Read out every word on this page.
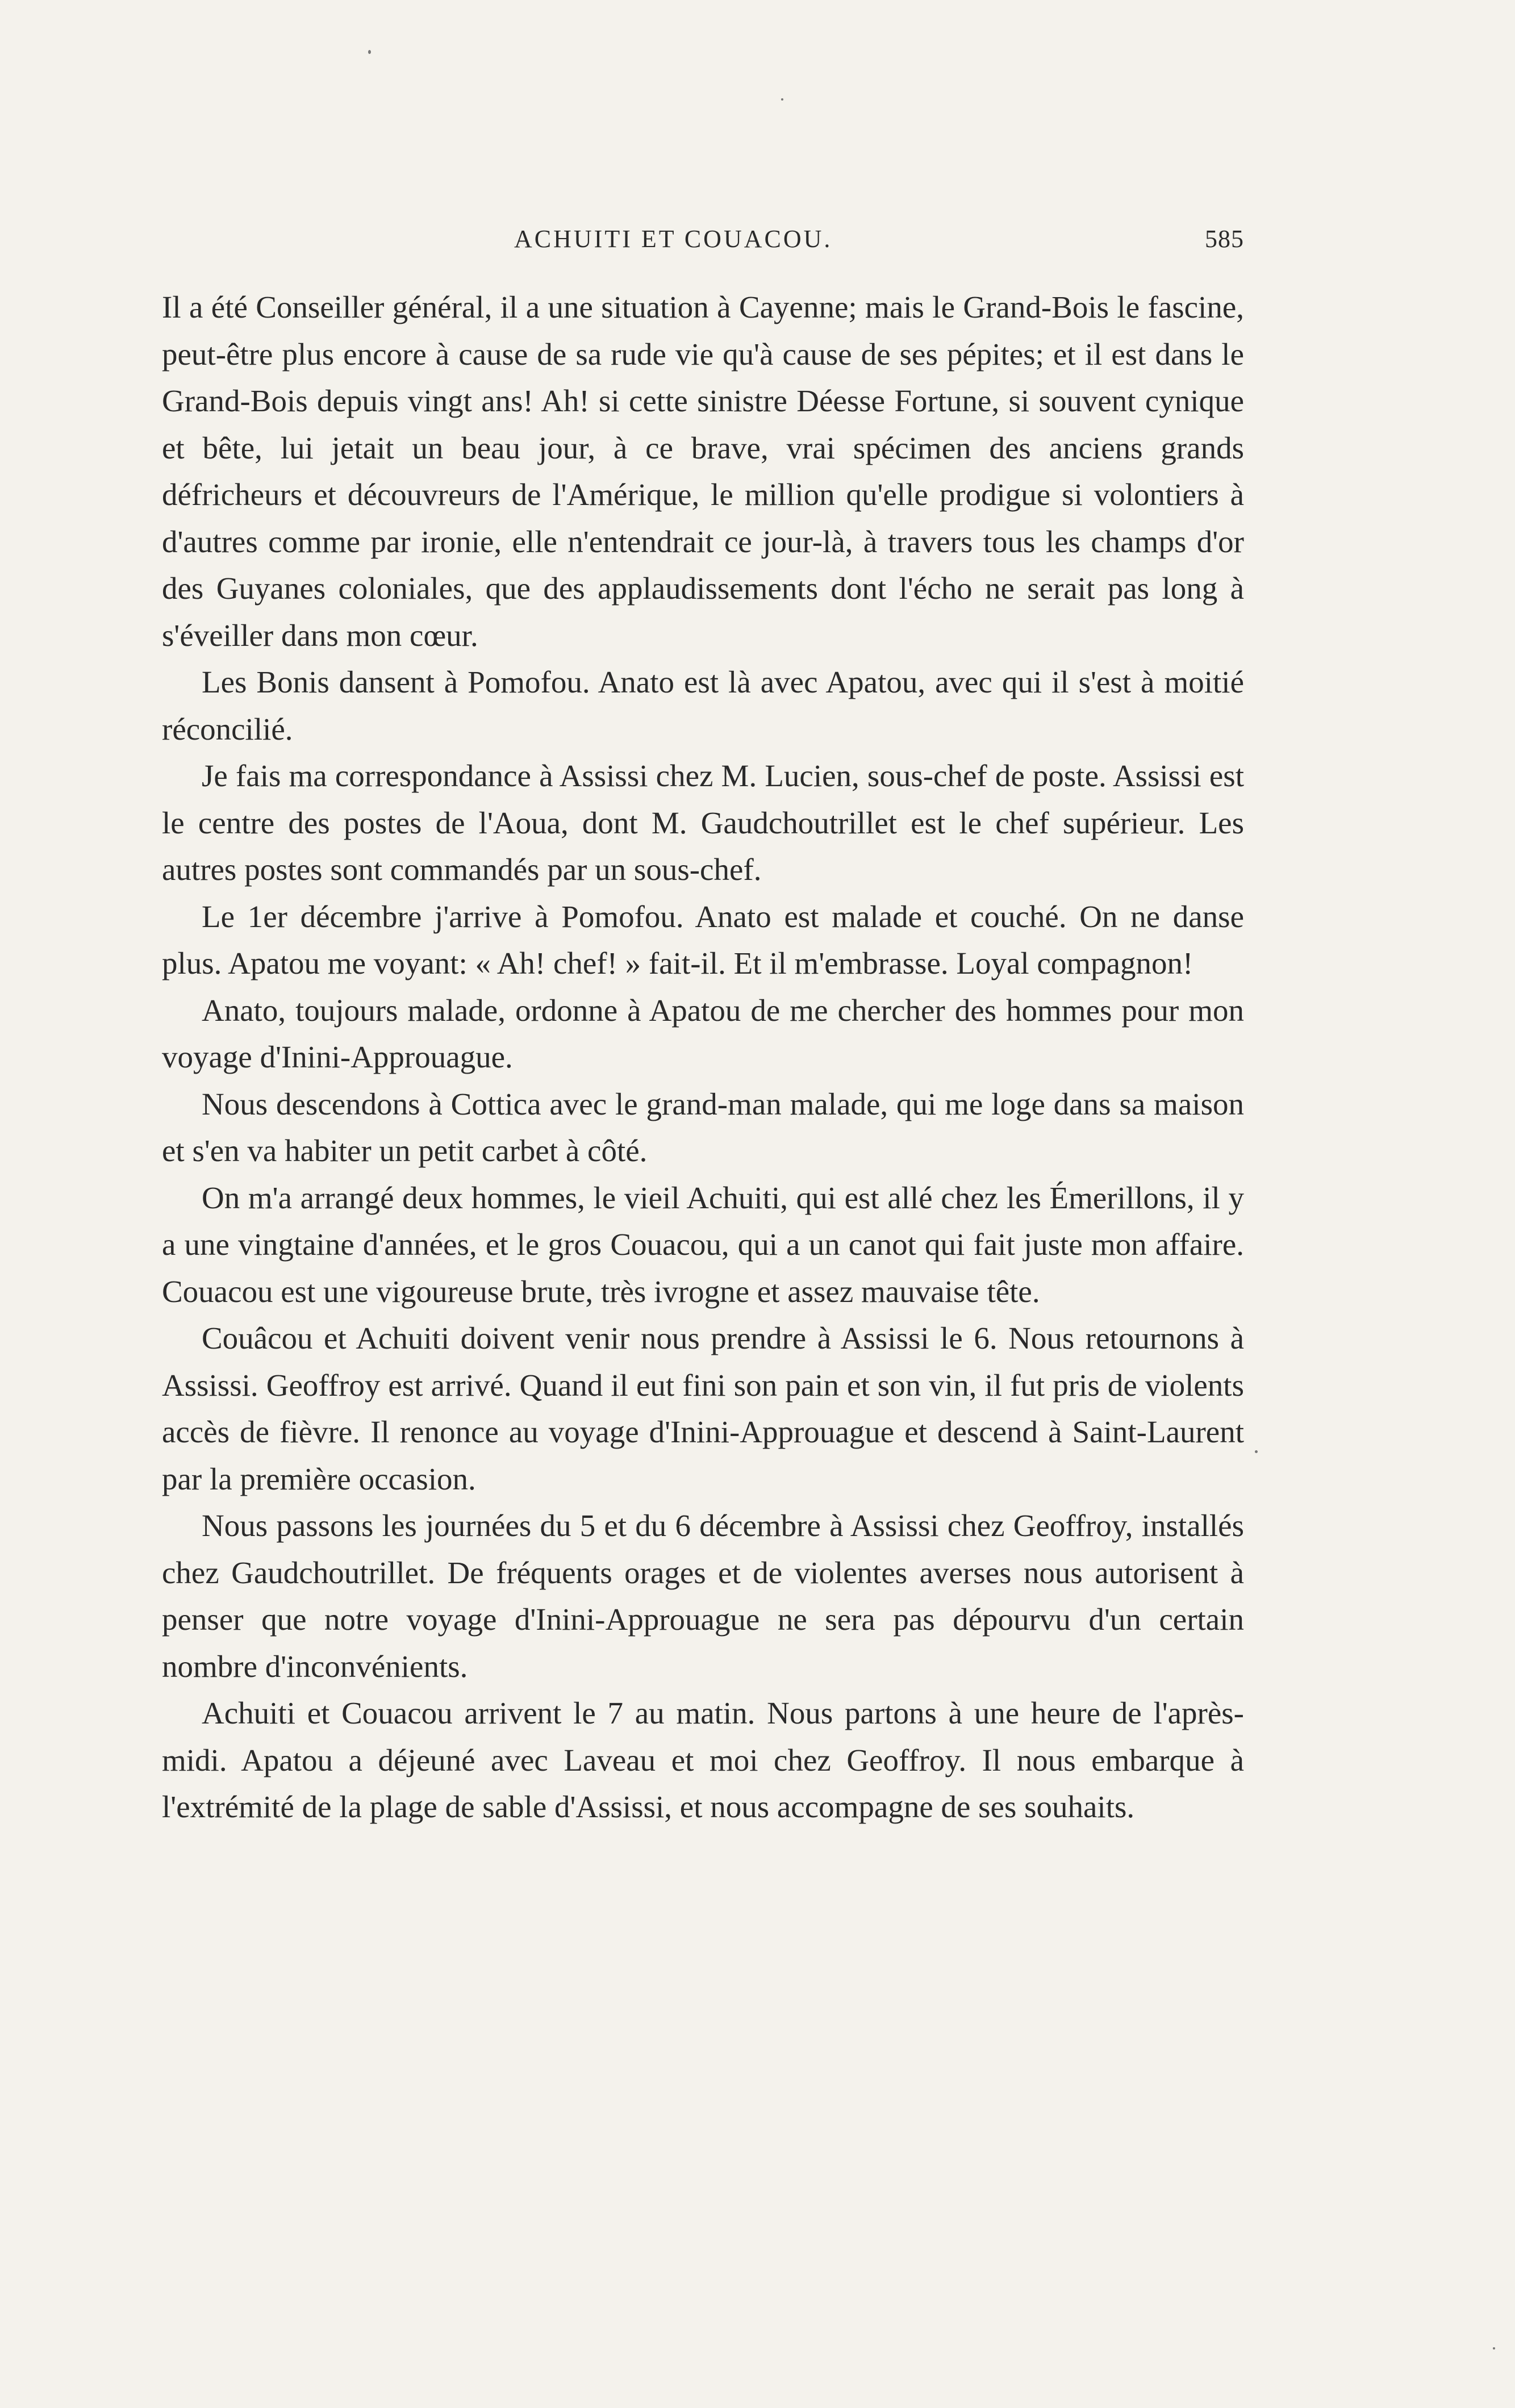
ACHUITI ET COUACOU.	585

Il a été Conseiller général, il a une situation à Cayenne; mais le Grand-Bois le fascine, peut-être plus encore à cause de sa rude vie qu'à cause de ses pépites; et il est dans le Grand-Bois depuis vingt ans! Ah! si cette sinistre Déesse Fortune, si souvent cynique et bête, lui jetait un beau jour, à ce brave, vrai spécimen des anciens grands défricheurs et découvreurs de l'Amérique, le million qu'elle prodigue si volontiers à d'autres comme par ironie, elle n'entendrait ce jour-là, à travers tous les champs d'or des Guyanes coloniales, que des applaudissements dont l'écho ne serait pas long à s'éveiller dans mon cœur.

Les Bonis dansent à Pomofou. Anato est là avec Apatou, avec qui il s'est à moitié réconcilié.

Je fais ma correspondance à Assissi chez M. Lucien, sous-chef de poste. Assissi est le centre des postes de l'Aoua, dont M. Gaudchoutrillet est le chef supérieur. Les autres postes sont commandés par un sous-chef.

Le 1er décembre j'arrive à Pomofou. Anato est malade et couché. On ne danse plus. Apatou me voyant: « Ah! chef! » fait-il. Et il m'embrasse. Loyal compagnon!

Anato, toujours malade, ordonne à Apatou de me chercher des hommes pour mon voyage d'Inini-Approuague.

Nous descendons à Cottica avec le grand-man malade, qui me loge dans sa maison et s'en va habiter un petit carbet à côté.

On m'a arrangé deux hommes, le vieil Achuiti, qui est allé chez les Émerillons, il y a une vingtaine d'années, et le gros Couacou, qui a un canot qui fait juste mon affaire. Couacou est une vigoureuse brute, très ivrogne et assez mauvaise tête.

Couâcou et Achuiti doivent venir nous prendre à Assissi le 6. Nous retournons à Assissi. Geoffroy est arrivé. Quand il eut fini son pain et son vin, il fut pris de violents accès de fièvre. Il renonce au voyage d'Inini-Approuague et descend à Saint-Laurent par la première occasion.

Nous passons les journées du 5 et du 6 décembre à Assissi chez Geoffroy, installés chez Gaudchoutrillet. De fréquents orages et de violentes averses nous autorisent à penser que notre voyage d'Inini-Approuague ne sera pas dépourvu d'un certain nombre d'inconvénients.

Achuiti et Couacou arrivent le 7 au matin. Nous partons à une heure de l'après-midi. Apatou a déjeuné avec Laveau et moi chez Geoffroy. Il nous embarque à l'extrémité de la plage de sable d'Assissi, et nous accompagne de ses souhaits.
